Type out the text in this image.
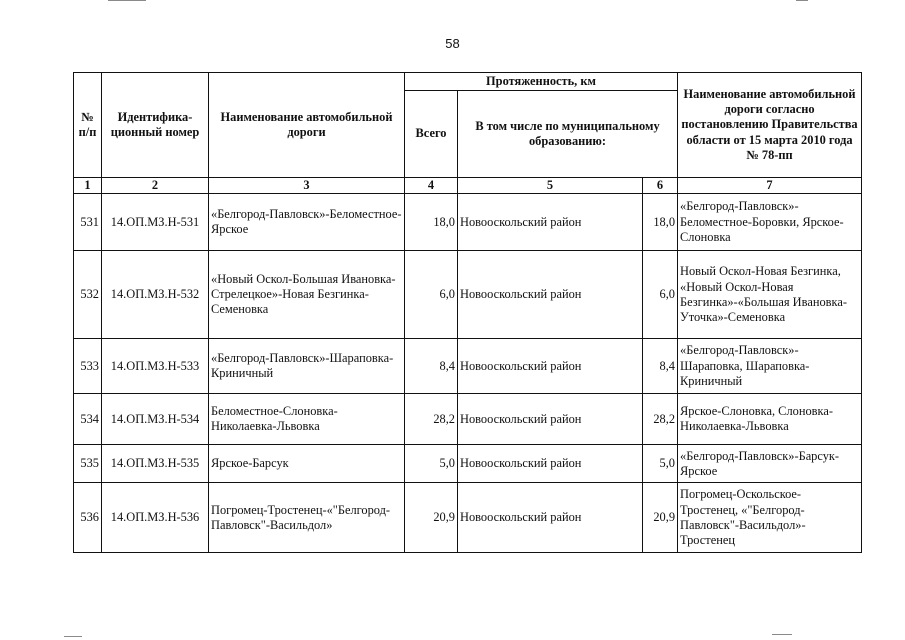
58
№ п/п	Идентифика-ционный номер	Наименование автомобильной дороги	Протяженность, км			Наименование автомобильной дороги согласно постановлению Правительства области от 15 марта 2010 года № 78-пп
			Всего	В том числе по муниципальному образованию:		
1	2	3	4	5	6	7
531	14.ОП.МЗ.Н-531	«Белгород-Павловск»-Беломестное-Ярское	18,0	Новооскольский район	18,0	«Белгород-Павловск»-Беломестное-Боровки, Ярское-Слоновка
532	14.ОП.МЗ.Н-532	«Новый Оскол-Большая Ивановка-Стрелецкое»-Новая Безгинка-Семеновка	6,0	Новооскольский район	6,0	Новый Оскол-Новая Безгинка, «Новый Оскол-Новая Безгинка»-«Большая Ивановка-Уточка»-Семеновка
533	14.ОП.МЗ.Н-533	«Белгород-Павловск»-Шараповка-Криничный	8,4	Новооскольский район	8,4	«Белгород-Павловск»-Шараповка, Шараповка-Криничный
534	14.ОП.МЗ.Н-534	Беломестное-Слоновка-Николаевка-Львовка	28,2	Новооскольский район	28,2	Ярское-Слоновка, Слоновка-Николаевка-Львовка
535	14.ОП.МЗ.Н-535	Ярское-Барсук	5,0	Новооскольский район	5,0	«Белгород-Павловск»-Барсук-Ярское
536	14.ОП.МЗ.Н-536	Погромец-Тростенец-«"Белгород-Павловск"-Васильдол»	20,9	Новооскольский район	20,9	Погромец-Оскольское-Тростенец, «"Белгород-Павловск"-Васильдол»-Тростенец
